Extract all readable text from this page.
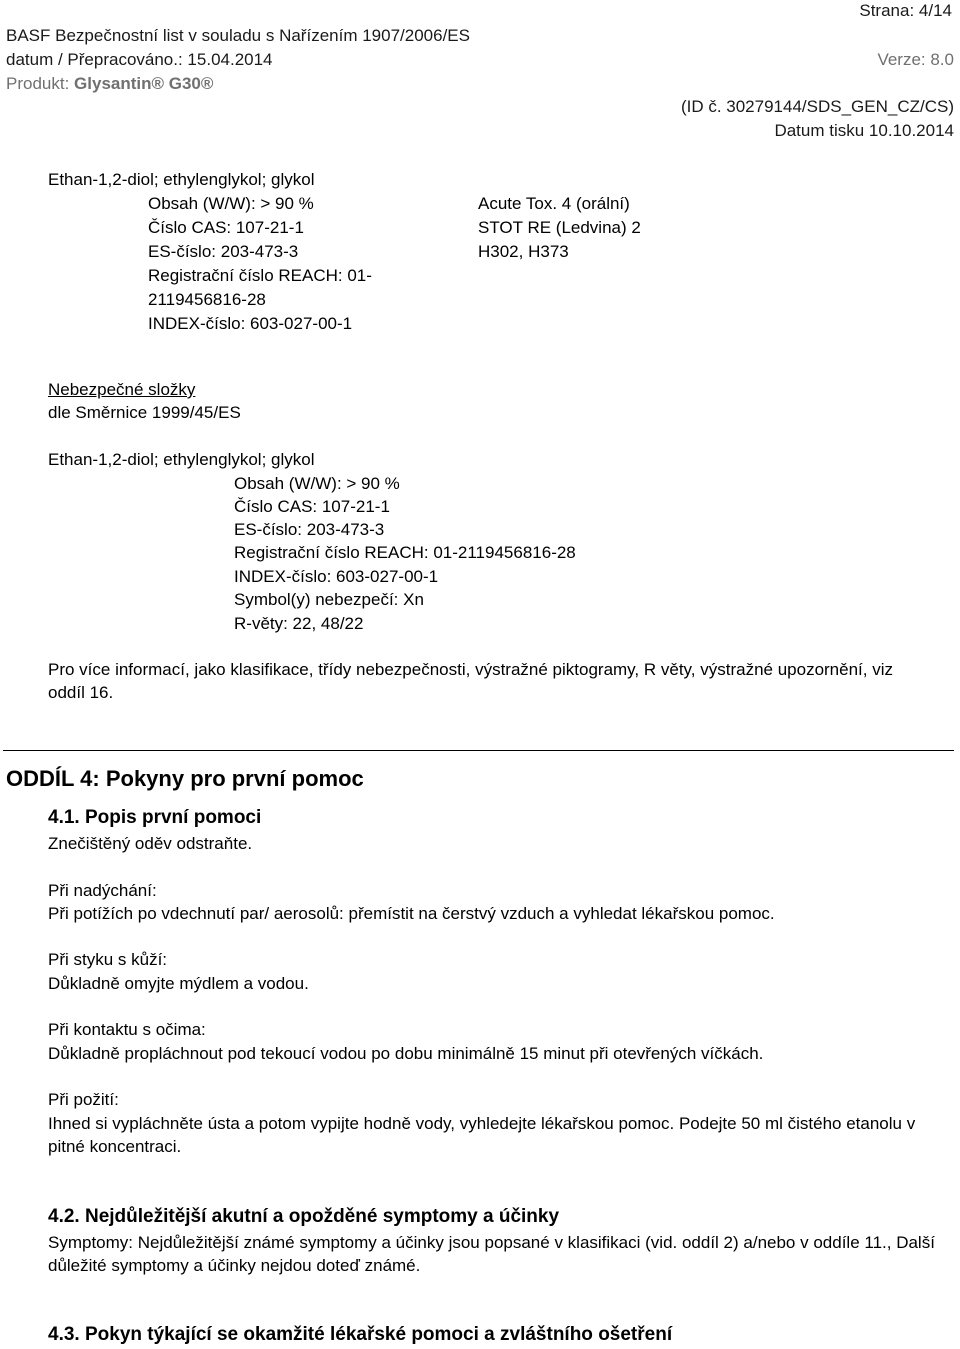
Strana: 4/14
BASF Bezpečnostní list v souladu s Nařízením 1907/2006/ES
datum / Přepracováno.: 15.04.2014	Verze: 8.0
Produkt: Glysantin® G30®
(ID č. 30279144/SDS_GEN_CZ/CS)
Datum tisku 10.10.2014
Ethan-1,2-diol; ethylenglykol; glykol
Obsah (W/W): > 90 %
Číslo CAS: 107-21-1
ES-číslo: 203-473-3
Registrační číslo REACH: 01-
2119456816-28
INDEX-číslo: 603-027-00-1
Acute Tox. 4 (orální)
STOT RE (Ledvina) 2
H302, H373
Nebezpečné složky
dle Směrnice 1999/45/ES
Ethan-1,2-diol; ethylenglykol; glykol
Obsah (W/W): > 90 %
Číslo CAS: 107-21-1
ES-číslo: 203-473-3
Registrační číslo REACH: 01-2119456816-28
INDEX-číslo: 603-027-00-1
Symbol(y) nebezpečí: Xn
R-věty: 22, 48/22
Pro více informací, jako klasifikace, třídy nebezpečnosti, výstražné piktogramy, R věty, výstražné upozornění, viz oddíl 16.
ODDÍL 4: Pokyny pro první pomoc
4.1. Popis první pomoci
Znečištěný oděv odstraňte.
Při nadýchání:
Při potížích po vdechnutí par/ aerosolů: přemístit na čerstvý vzduch a vyhledat lékařskou pomoc.
Při styku s kůží:
Důkladně omyjte mýdlem a vodou.
Při kontaktu s očima:
Důkladně propláchnout pod tekoucí vodou po dobu minimálně 15 minut při otevřených víčkách.
Při požití:
Ihned si vypláchněte ústa a potom vypijte hodně vody, vyhledejte lékařskou pomoc. Podejte 50 ml čistého etanolu v pitné koncentraci.
4.2. Nejdůležitější akutní a opožděné symptomy a účinky
Symptomy: Nejdůležitější známé symptomy a účinky jsou popsané v klasifikaci (vid. oddíl 2) a/nebo v oddíle 11., Další důležité symptomy a účinky nejdou doteď známé.
4.3. Pokyn týkající se okamžité lékařské pomoci a zvláštního ošetření
